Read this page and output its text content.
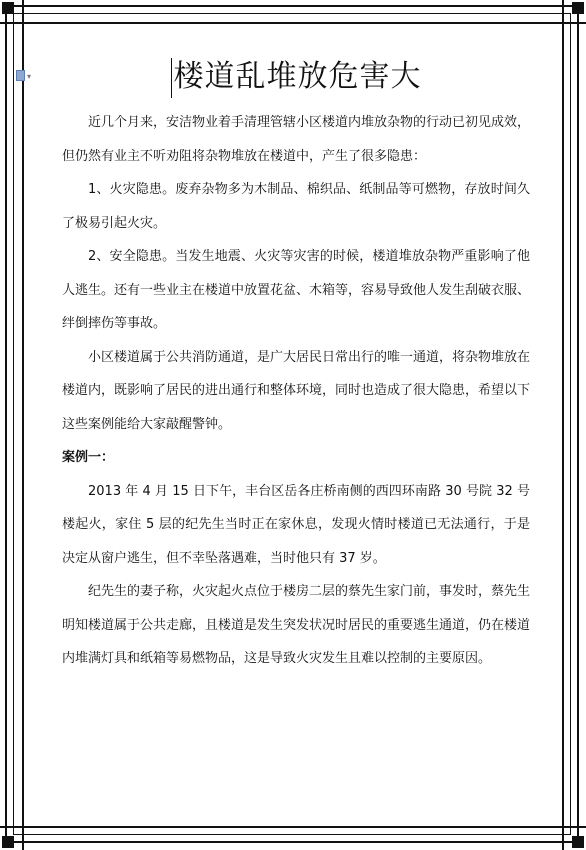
▾	楼道乱堆放危害大

近几个月来，安洁物业着手清理管辖小区楼道内堆放杂物的行动已初见成效，但仍然有业主不听劝阻将杂物堆放在楼道中，产生了很多隐患：

1、火灾隐患。废弃杂物多为木制品、棉织品、纸制品等可燃物，存放时间久了极易引起火灾。

2、安全隐患。当发生地震、火灾等灾害的时候，楼道堆放杂物严重影响了他人逃生。还有一些业主在楼道中放置花盆、木箱等，容易导致他人发生刮破衣服、绊倒摔伤等事故。

小区楼道属于公共消防通道，是广大居民日常出行的唯一通道，将杂物堆放在楼道内，既影响了居民的进出通行和整体环境，同时也造成了很大隐患，希望以下这些案例能给大家敲醒警钟。

案例一：

2013 年 4 月 15 日下午，丰台区岳各庄桥南侧的西四环南路 30 号院 32 号楼起火，家住 5 层的纪先生当时正在家休息，发现火情时楼道已无法通行，于是决定从窗户逃生，但不幸坠落遇难，当时他只有 37 岁。

纪先生的妻子称，火灾起火点位于楼房二层的蔡先生家门前，事发时，蔡先生明知楼道属于公共走廊，且楼道是发生突发状况时居民的重要逃生通道，仍在楼道内堆满灯具和纸箱等易燃物品，这是导致火灾发生且难以控制的主要原因。
